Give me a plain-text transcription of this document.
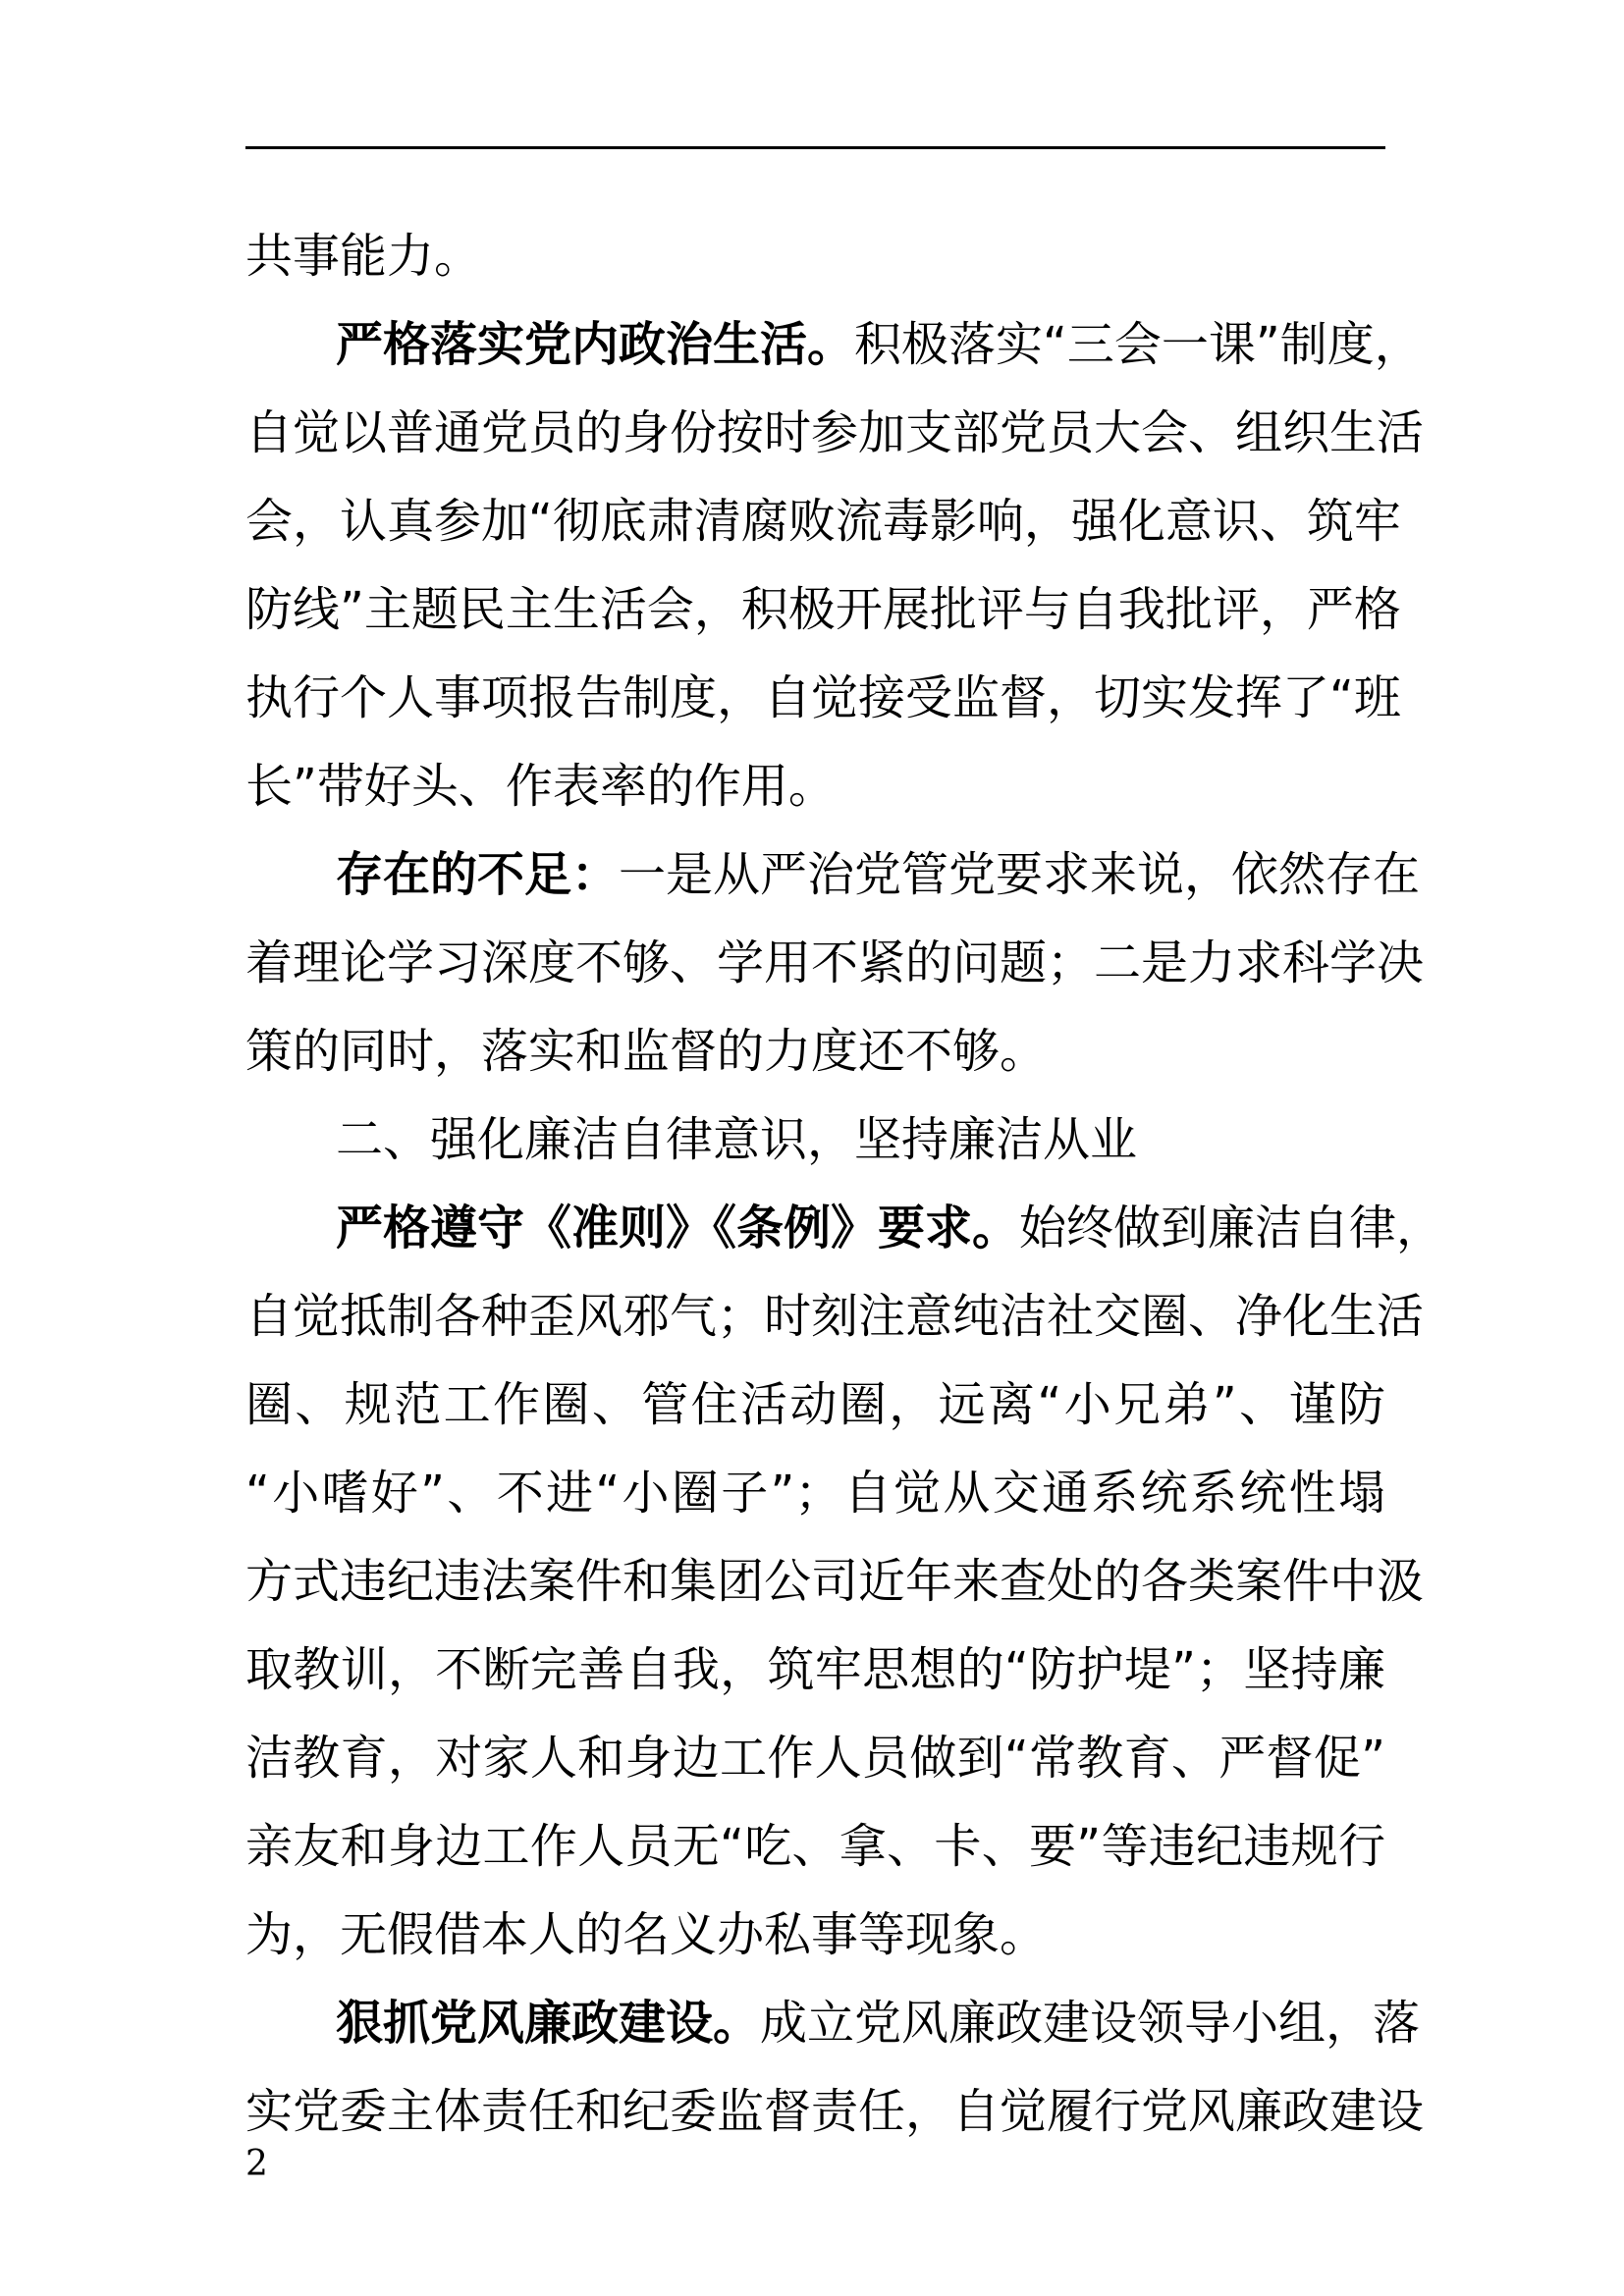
共事能力。
严格落实党内政治生活。积极落实“三会一课”制度，
自觉以普通党员的身份按时参加支部党员大会、组织生活
会，认真参加“彻底肃清腐败流毒影响，强化意识、筑牢
防线”主题民主生活会，积极开展批评与自我批评，严格
执行个人事项报告制度，自觉接受监督，切实发挥了“班
长”带好头、作表率的作用。
存在的不足：一是从严治党管党要求来说，依然存在
着理论学习深度不够、学用不紧的问题；二是力求科学决
策的同时，落实和监督的力度还不够。
二、强化廉洁自律意识，坚持廉洁从业
严格遵守《准则》《条例》要求。始终做到廉洁自律，
自觉抵制各种歪风邪气；时刻注意纯洁社交圈、净化生活
圈、规范工作圈、管住活动圈，远离“小兄弟”、谨防
“小嗜好”、不进“小圈子”；自觉从交通系统系统性塌
方式违纪违法案件和集团公司近年来查处的各类案件中汲
取教训，不断完善自我，筑牢思想的“防护堤”；坚持廉
洁教育，对家人和身边工作人员做到“常教育、严督促”
亲友和身边工作人员无“吃、拿、卡、要”等违纪违规行
为，无假借本人的名义办私事等现象。
狠抓党风廉政建设。成立党风廉政建设领导小组，落
实党委主体责任和纪委监督责任，自觉履行党风廉政建设
2
